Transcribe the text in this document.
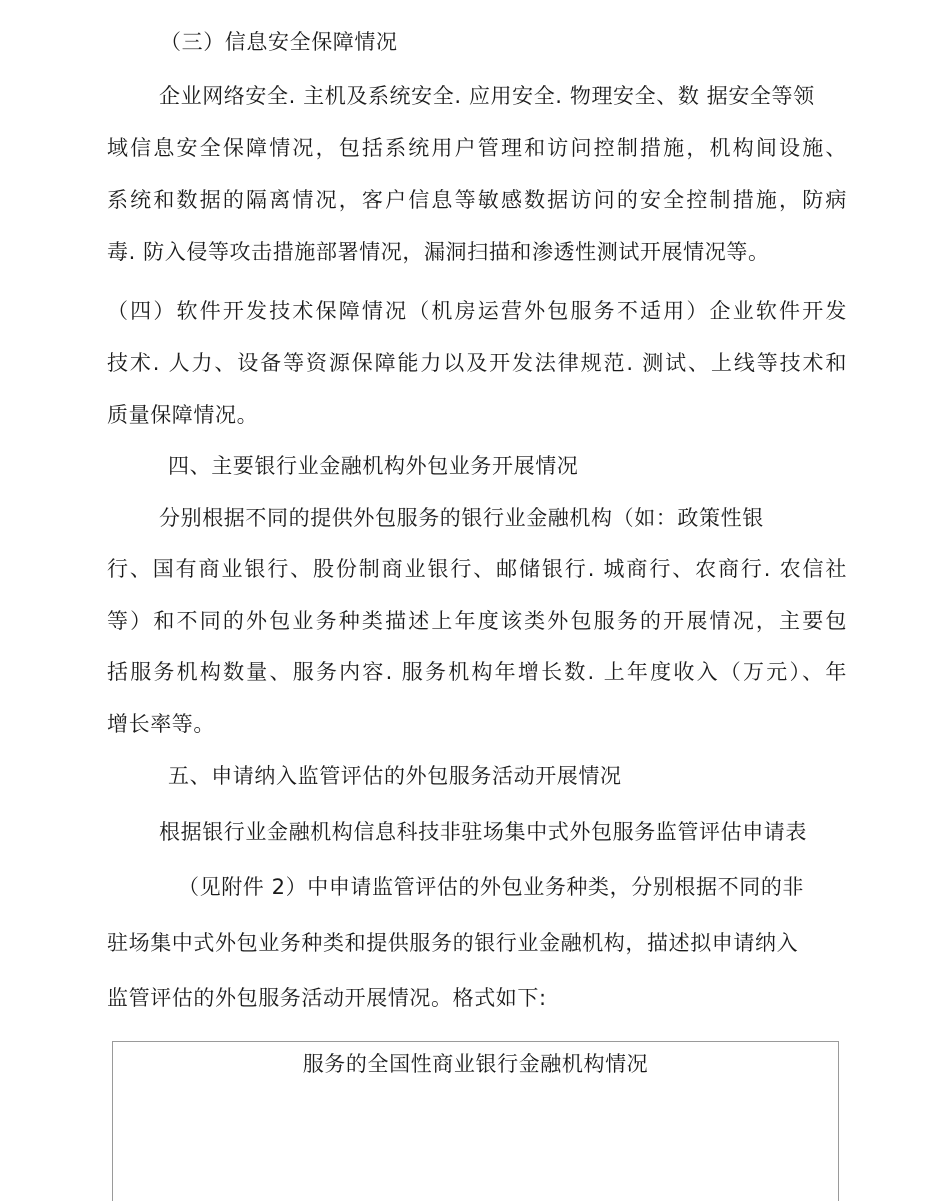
（三）信息安全保障情况
企业网络安全. 主机及系统安全. 应用安全. 物理安全、数 据安全等领
域信息安全保障情况，包括系统用户管理和访问控制措施，机构间设施、
系统和数据的隔离情况，客户信息等敏感数据访问的安全控制措施，防病
毒. 防入侵等攻击措施部署情况，漏洞扫描和渗透性测试开展情况等。
（四）软件开发技术保障情况（机房运营外包服务不适用）企业软件开发
技术. 人力、设备等资源保障能力以及开发法律规范. 测试、上线等技术和
质量保障情况。
四、主要银行业金融机构外包业务开展情况
分别根据不同的提供外包服务的银行业金融机构（如：政策性银
行、国有商业银行、股份制商业银行、邮储银行. 城商行、农商行. 农信社
等）和不同的外包业务种类描述上年度该类外包服务的开展情况，主要包
括服务机构数量、服务内容. 服务机构年增长数. 上年度收入（万元）、年
增长率等。
五、申请纳入监管评估的外包服务活动开展情况
根据银行业金融机构信息科技非驻场集中式外包服务监管评估申请表
（见附件 2）中申请监管评估的外包业务种类，分别根据不同的非
驻场集中式外包业务种类和提供服务的银行业金融机构，描述拟申请纳入
监管评估的外包服务活动开展情况。格式如下:
服务的全国性商业银行金融机构情况
